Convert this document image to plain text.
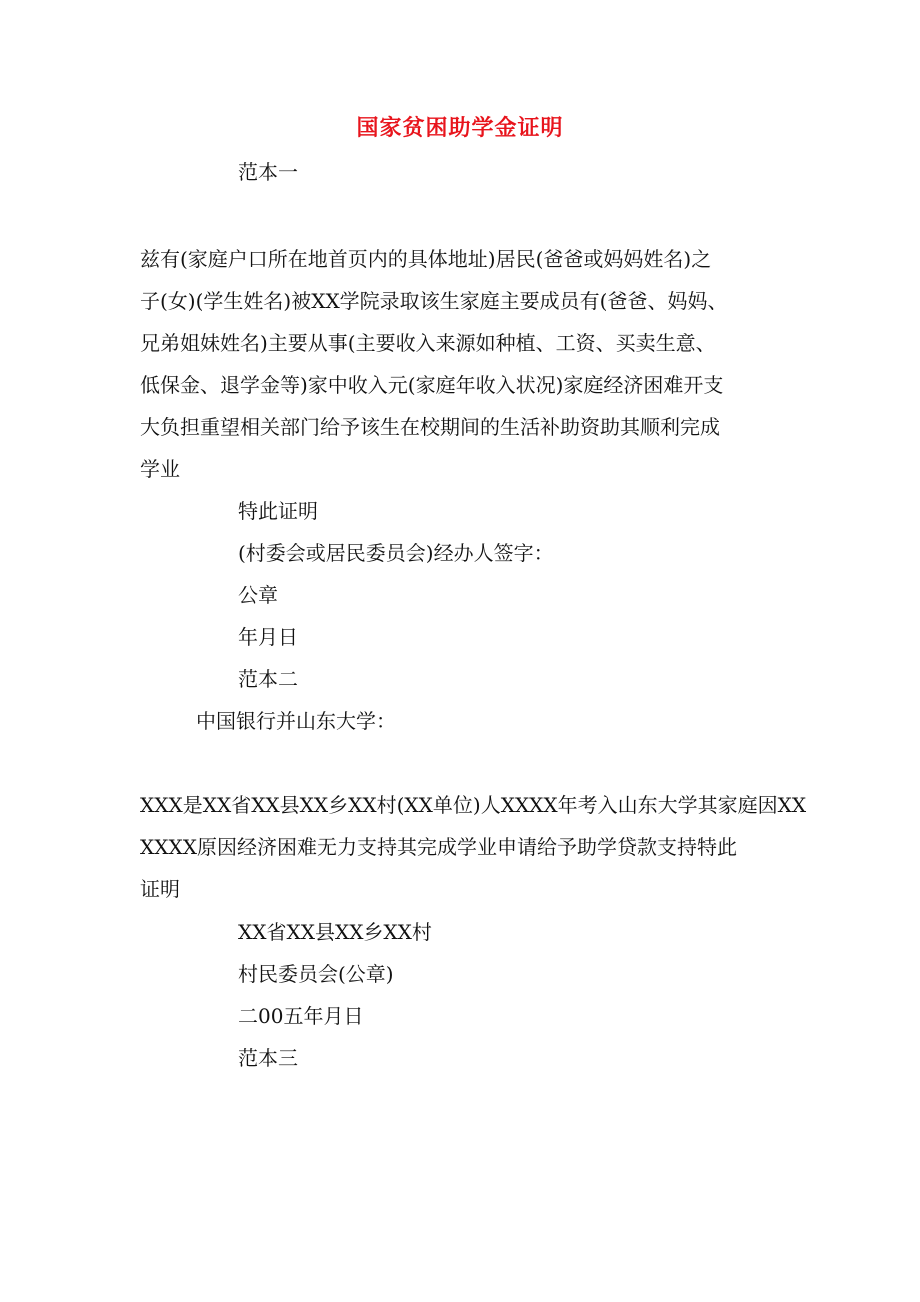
国家贫困助学金证明
范本一
兹有(家庭户口所在地首页内的具体地址)居民(爸爸或妈妈姓名)之
子(女)(学生姓名)被XX学院录取该生家庭主要成员有(爸爸、妈妈、
兄弟姐妹姓名)主要从事(主要收入来源如种植、工资、买卖生意、
低保金、退学金等)家中收入元(家庭年收入状况)家庭经济困难开支
大负担重望相关部门给予该生在校期间的生活补助资助其顺利完成
学业
特此证明
(村委会或居民委员会)经办人签字：
公章
年月日
范本二
中国银行并山东大学：
XXX是XX省XX县XX乡XX村(XX单位)人XXXX年考入山东大学其家庭因XX
XXXX原因经济困难无力支持其完成学业申请给予助学贷款支持特此
证明
XX省XX县XX乡XX村
村民委员会(公章)
二00五年月日
范本三
